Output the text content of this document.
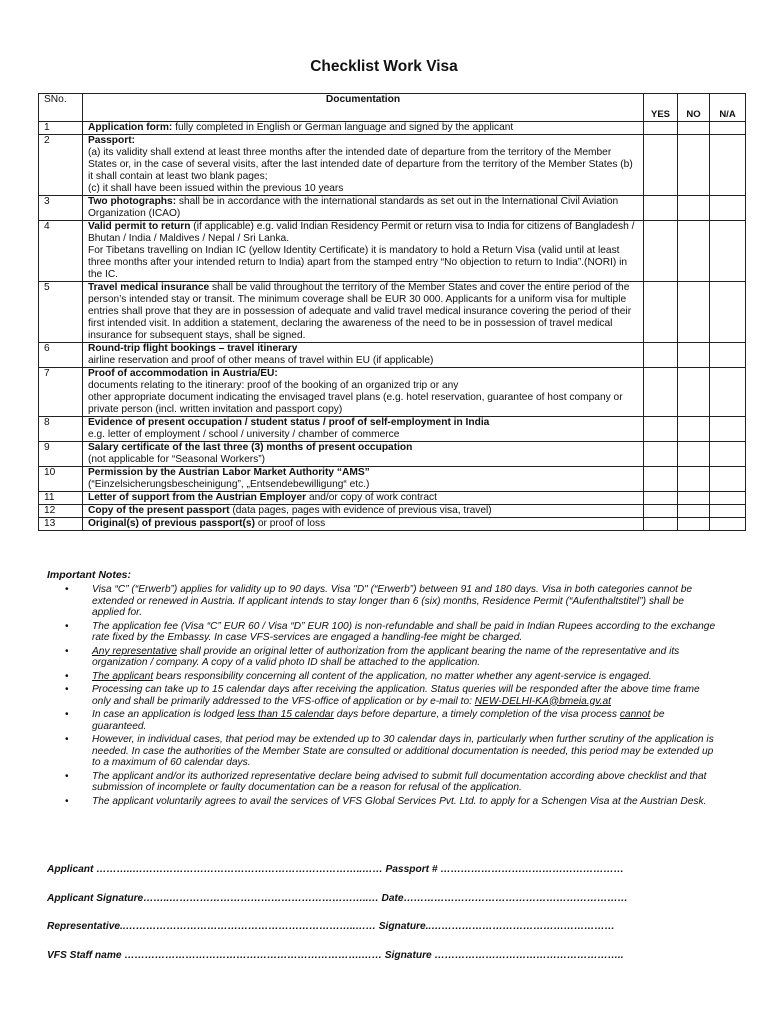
Checklist Work Visa
SNo.	Documentation	YES	NO	N/A
1	Application form: fully completed in English or German language and signed by the applicant			
2	Passport:
(a) its validity shall extend at least three months after the intended date of departure from the territory of the Member States or, in the case of several visits, after the last intended date of departure from the territory of the Member States (b) it shall contain at least two blank pages;
(c) it shall have been issued within the previous 10 years			

3	Two photographs: shall be in accordance with the international standards as set out in the International Civil Aviation Organization (ICAO)			
4	Valid permit to return (if applicable) e.g. valid Indian Residency Permit or return visa to India for citizens of Bangladesh / Bhutan / India / Maldives / Nepal / Sri Lanka.
For Tibetans travelling on Indian IC (yellow Identity Certificate) it is mandatory to hold a Return Visa (valid until at least three months after your intended return to India) apart from the stamped entry “No objection to return to India”.(NORI) in the IC.			

5	Travel medical insurance shall be valid throughout the territory of the Member States and cover the entire period of the person’s intended stay or transit. The minimum coverage shall be EUR 30 000. Applicants for a uniform visa for multiple entries shall prove that they are in possession of adequate and valid travel medical insurance covering the period of their first intended visit. In addition a statement, declaring the awareness of the need to be in possession of travel medical insurance for subsequent stays, shall be signed.			
6	Round-trip flight bookings – travel itinerary
airline reservation and proof of other means of travel within EU (if applicable)			

7	Proof of accommodation in Austria/EU:
documents relating to the itinerary: proof of the booking of an organized trip or any
other appropriate document indicating the envisaged travel plans (e.g. hotel reservation, guarantee of host company or private person (incl. written invitation and passport copy)			

8	Evidence of present occupation / student status / proof of self-employment in India
e.g. letter of employment / school / university / chamber of commerce			

9	Salary certificate of the last three (3) months of present occupation
(not applicable for “Seasonal Workers”)			

10	Permission by the Austrian Labor Market Authority “AMS”
(“Einzelsicherungsbescheinigung”, „Entsendebewilligung“ etc.)			

11	Letter of support from the Austrian Employer and/or copy of work contract			
12	Copy of the present passport (data pages, pages with evidence of previous visa, travel)			
13	Original(s) of previous passport(s) or proof of loss			
Important Notes:
• Visa “C” (“Erwerb”) applies for validity up to 90 days. Visa "D" (“Erwerb”) between 91 and 180 days. Visa in both categories cannot be extended or renewed in Austria. If applicant intends to stay longer than 6 (six) months, Residence Permit (“Aufenthaltstitel”) shall be applied for.
• The application fee (Visa “C” EUR 60 / Visa “D” EUR 100) is non-refundable and shall be paid in Indian Rupees according to the exchange rate fixed by the Embassy. In case VFS-services are engaged a handling-fee might be charged.
• Any representative shall provide an original letter of authorization from the applicant bearing the name of the representative and its organization / company. A copy of a valid photo ID shall be attached to the application.
• The applicant bears responsibility concerning all content of the application, no matter whether any agent-service is engaged.
• Processing can take up to 15 calendar days after receiving the application. Status queries will be responded after the above time frame only and shall be primarily addressed to the VFS-office of application or by e-mail to: NEW-DELHI-KA@bmeia.gv.at
• In case an application is lodged less than 15 calendar days before departure, a timely completion of the visa process cannot be guaranteed.
• However, in individual cases, that period may be extended up to 30 calendar days in, particularly when further scrutiny of the application is needed. In case the authorities of the Member State are consulted or additional documentation is needed, this period may be extended up to a maximum of 60 calendar days.
• The applicant and/or its authorized representative declare being advised to submit full documentation according above checklist and that submission of incomplete or faulty documentation can be a reason for refusal of the application.
• The applicant voluntarily agrees to avail the services of VFS Global Services Pvt. Ltd. to apply for a Schengen Visa at the Austrian Desk.
Applicant ………..…………………………………………………………..…… Passport # ………………………………………………
Applicant Signature……..…………………………………………………..… Date…………………………………………………………
Representative..…………………………………………………………..…… Signature..………………………………………………
VFS Staff name …………………………………………………………….…… Signature ………………………………………………..
